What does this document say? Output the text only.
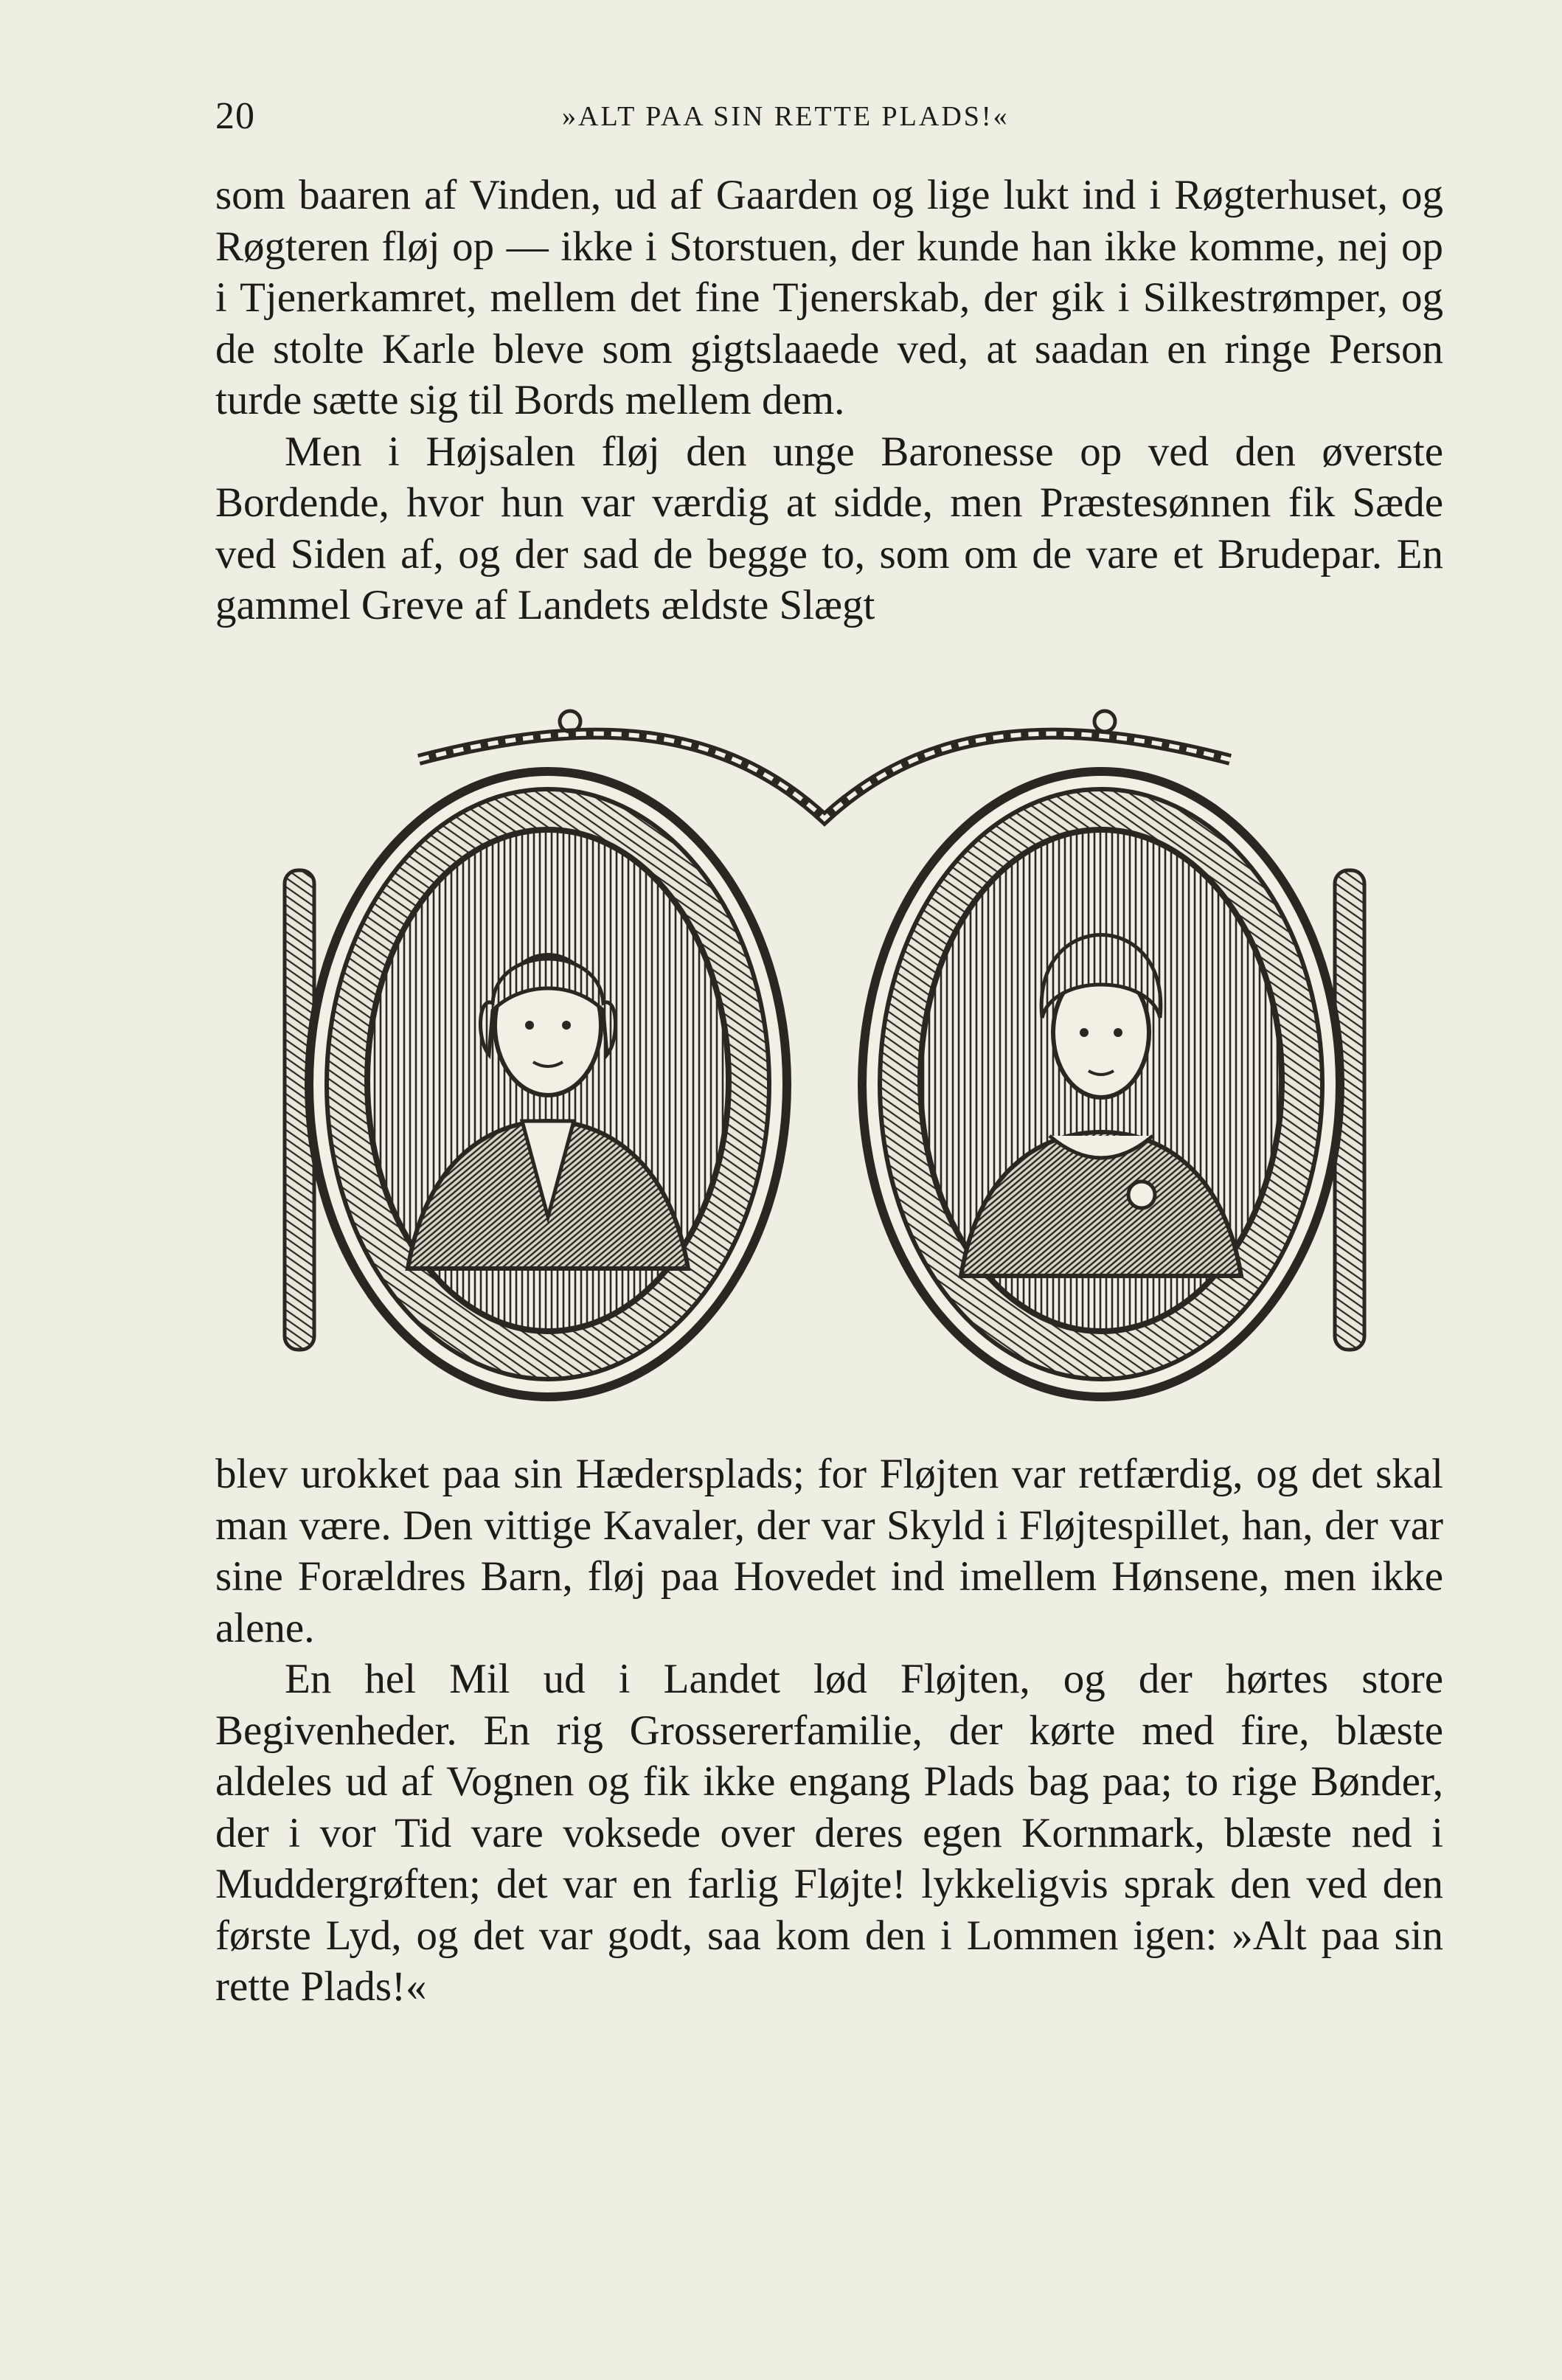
20	»ALT PAA SIN RETTE PLADS!«

som baaren af Vinden, ud af Gaarden og lige lukt ind i Røgterhuset, og Røgteren fløj op — ikke i Storstuen, der kunde han ikke komme, nej op i Tjenerkamret, mellem det fine Tjenerskab, der gik i Silkestrømper, og de stolte Karle bleve som gigtslaaede ved, at saadan en ringe Person turde sætte sig til Bords mellem dem.

Men i Højsalen fløj den unge Baronesse op ved den øverste Bordende, hvor hun var værdig at sidde, men Præstesønnen fik Sæde ved Siden af, og der sad de begge to, som om de vare et Brudepar. En gammel Greve af Landets ældste Slægt

blev urokket paa sin Hædersplads; for Fløjten var retfærdig, og det skal man være. Den vittige Kavaler, der var Skyld i Fløjtespillet, han, der var sine Forældres Barn, fløj paa Hovedet ind imellem Hønsene, men ikke alene.

En hel Mil ud i Landet lød Fløjten, og der hørtes store Begivenheder. En rig Grossererfamilie, der kørte med fire, blæste aldeles ud af Vognen og fik ikke engang Plads bag paa; to rige Bønder, der i vor Tid vare voksede over deres egen Kornmark, blæste ned i Muddergrøften; det var en farlig Fløjte! lykkeligvis sprak den ved den første Lyd, og det var godt, saa kom den i Lommen igen: »Alt paa sin rette Plads!«
